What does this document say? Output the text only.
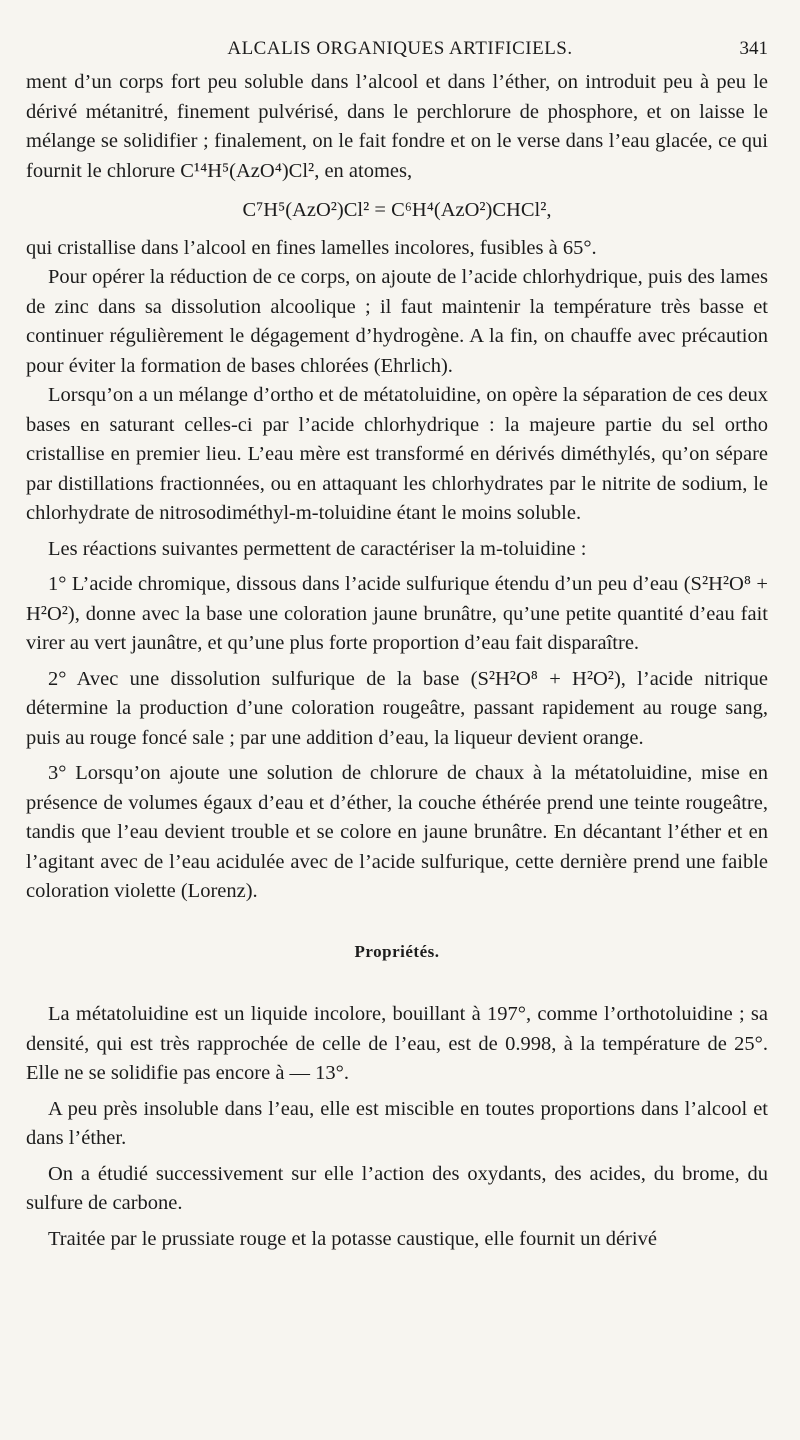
ALCALIS ORGANIQUES ARTIFICIELS.	341

ment d’un corps fort peu soluble dans l’alcool et dans l’éther, on introduit peu à peu le dérivé métanitré, finement pulvérisé, dans le perchlorure de phosphore, et on laisse le mélange se solidifier ; finalement, on le fait fondre et on le verse dans l’eau glacée, ce qui fournit le chlorure C¹⁴H⁵(AzO⁴)Cl², en atomes,

C⁷H⁵(AzO²)Cl² = C⁶H⁴(AzO²)CHCl²,

qui cristallise dans l’alcool en fines lamelles incolores, fusibles à 65°.

Pour opérer la réduction de ce corps, on ajoute de l’acide chlorhydrique, puis des lames de zinc dans sa dissolution alcoolique ; il faut maintenir la température très basse et continuer régulièrement le dégagement d’hydrogène. A la fin, on chauffe avec précaution pour éviter la formation de bases chlorées (Ehrlich).

Lorsqu’on a un mélange d’ortho et de métatoluidine, on opère la séparation de ces deux bases en saturant celles-ci par l’acide chlorhydrique : la majeure partie du sel ortho cristallise en premier lieu. L’eau mère est transformé en dérivés diméthylés, qu’on sépare par distillations fractionnées, ou en attaquant les chlorhydrates par le nitrite de sodium, le chlorhydrate de nitrosodiméthyl-m-toluidine étant le moins soluble.

Les réactions suivantes permettent de caractériser la m-toluidine :

1° L’acide chromique, dissous dans l’acide sulfurique étendu d’un peu d’eau (S²H²O⁸ + H²O²), donne avec la base une coloration jaune brunâtre, qu’une petite quantité d’eau fait virer au vert jaunâtre, et qu’une plus forte proportion d’eau fait disparaître.

2° Avec une dissolution sulfurique de la base (S²H²O⁸ + H²O²), l’acide nitrique détermine la production d’une coloration rougeâtre, passant rapidement au rouge sang, puis au rouge foncé sale ; par une addition d’eau, la liqueur devient orange.

3° Lorsqu’on ajoute une solution de chlorure de chaux à la métatoluidine, mise en présence de volumes égaux d’eau et d’éther, la couche éthérée prend une teinte rougeâtre, tandis que l’eau devient trouble et se colore en jaune brunâtre. En décantant l’éther et en l’agitant avec de l’eau acidulée avec de l’acide sulfurique, cette dernière prend une faible coloration violette (Lorenz).

Propriétés.

La métatoluidine est un liquide incolore, bouillant à 197°, comme l’orthotoluidine ; sa densité, qui est très rapprochée de celle de l’eau, est de 0.998, à la température de 25°. Elle ne se solidifie pas encore à — 13°.

A peu près insoluble dans l’eau, elle est miscible en toutes proportions dans l’alcool et dans l’éther.

On a étudié successivement sur elle l’action des oxydants, des acides, du brome, du sulfure de carbone.

Traitée par le prussiate rouge et la potasse caustique, elle fournit un dérivé
